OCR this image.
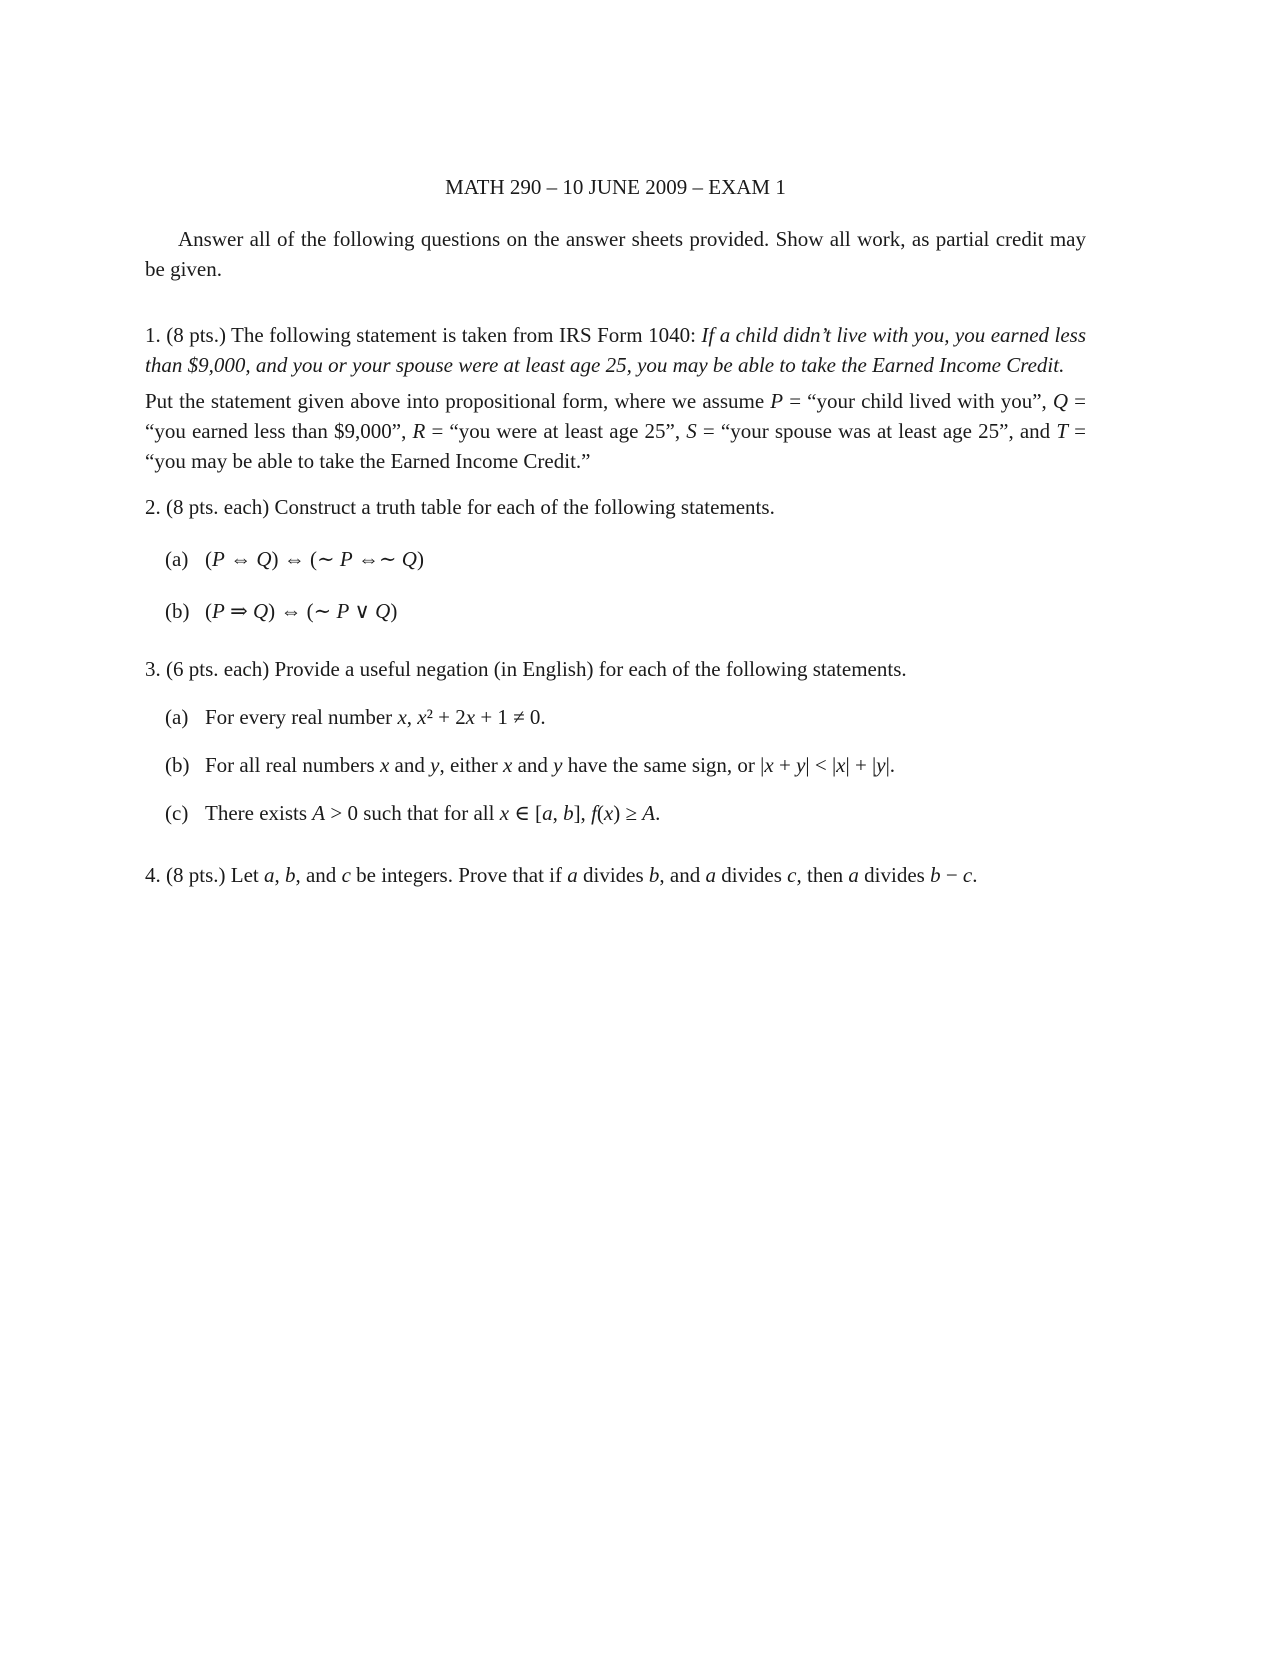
MATH 290 – 10 JUNE 2009 – EXAM 1

Answer all of the following questions on the answer sheets provided. Show all work, as partial credit may be given.

1. (8 pts.) The following statement is taken from IRS Form 1040: If a child didn’t live with you, you earned less than $9,000, and you or your spouse were at least age 25, you may be able to take the Earned Income Credit.

Put the statement given above into propositional form, where we assume P = “your child lived with you”, Q = “you earned less than $9,000”, R = “you were at least age 25”, S = “your spouse was at least age 25”, and T = “you may be able to take the Earned Income Credit.”

2. (8 pts. each) Construct a truth table for each of the following statements.

(a) (P ⇔ Q) ⇔ (∼ P ⇔∼ Q)
(b) (P ⇒ Q) ⇔ (∼ P ∨ Q)

3. (6 pts. each) Provide a useful negation (in English) for each of the following statements.

(a) For every real number x, x² + 2x + 1 ≠ 0.
(b) For all real numbers x and y, either x and y have the same sign, or |x + y| < |x| + |y|.
(c) There exists A > 0 such that for all x ∈ [a, b], f(x) ≥ A.

4. (8 pts.) Let a, b, and c be integers. Prove that if a divides b, and a divides c, then a divides b − c.
